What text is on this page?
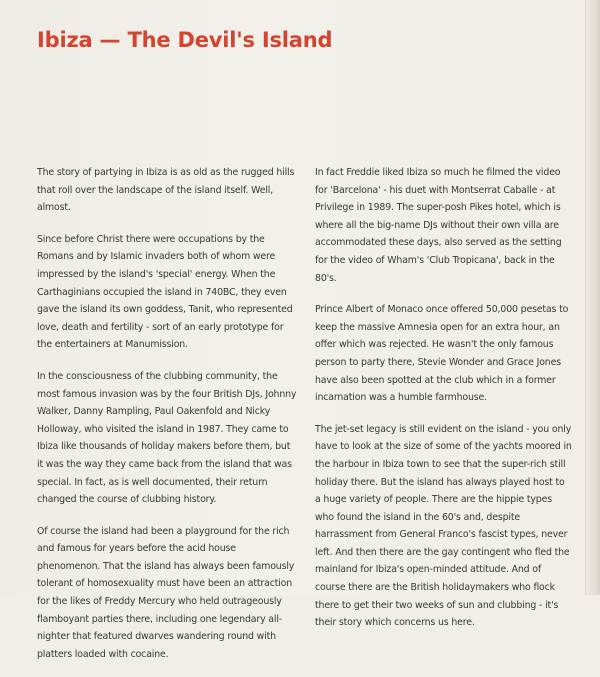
Ibiza — The Devil's Island

The story of partying in Ibiza is as old as the rugged hills that roll over the landscape of the island itself. Well, almost.

Since before Christ there were occupations by the Romans and by Islamic invaders both of whom were impressed by the island's 'special' energy. When the Carthaginians occupied the island in 740BC, they even gave the island its own goddess, Tanit, who represented love, death and fertility - sort of an early prototype for the entertainers at Manumission.

In the consciousness of the clubbing community, the most famous invasion was by the four British DJs, Johnny Walker, Danny Rampling, Paul Oakenfold and Nicky Holloway, who visited the island in 1987. They came to Ibiza like thousands of holiday makers before them, but it was the way they came back from the island that was special. In fact, as is well documented, their return changed the course of clubbing history.

Of course the island had been a playground for the rich and famous for years before the acid house phenomenon. That the island has always been famously tolerant of homosexuality must have been an attraction for the likes of Freddy Mercury who held outrageously flamboyant parties there, including one legendary all-nighter that featured dwarves wandering round with platters loaded with cocaine.

In fact Freddie liked Ibiza so much he filmed the video for 'Barcelona' - his duet with Montserrat Caballe - at Privilege in 1989. The super-posh Pikes hotel, which is where all the big-name DJs without their own villa are accommodated these days, also served as the setting for the video of Wham's 'Club Tropicana', back in the 80's.

Prince Albert of Monaco once offered 50,000 pesetas to keep the massive Amnesia open for an extra hour, an offer which was rejected. He wasn't the only famous person to party there, Stevie Wonder and Grace Jones have also been spotted at the club which in a former incarnation was a humble farmhouse.

The jet-set legacy is still evident on the island - you only have to look at the size of some of the yachts moored in the harbour in Ibiza town to see that the super-rich still holiday there. But the island has always played host to a huge variety of people. There are the hippie types who found the island in the 60's and, despite harrassment from General Franco's fascist types, never left. And then there are the gay contingent who fled the mainland for Ibiza's open-minded attitude. And of course there are the British holidaymakers who flock there to get their two weeks of sun and clubbing - it's their story which concerns us here.
